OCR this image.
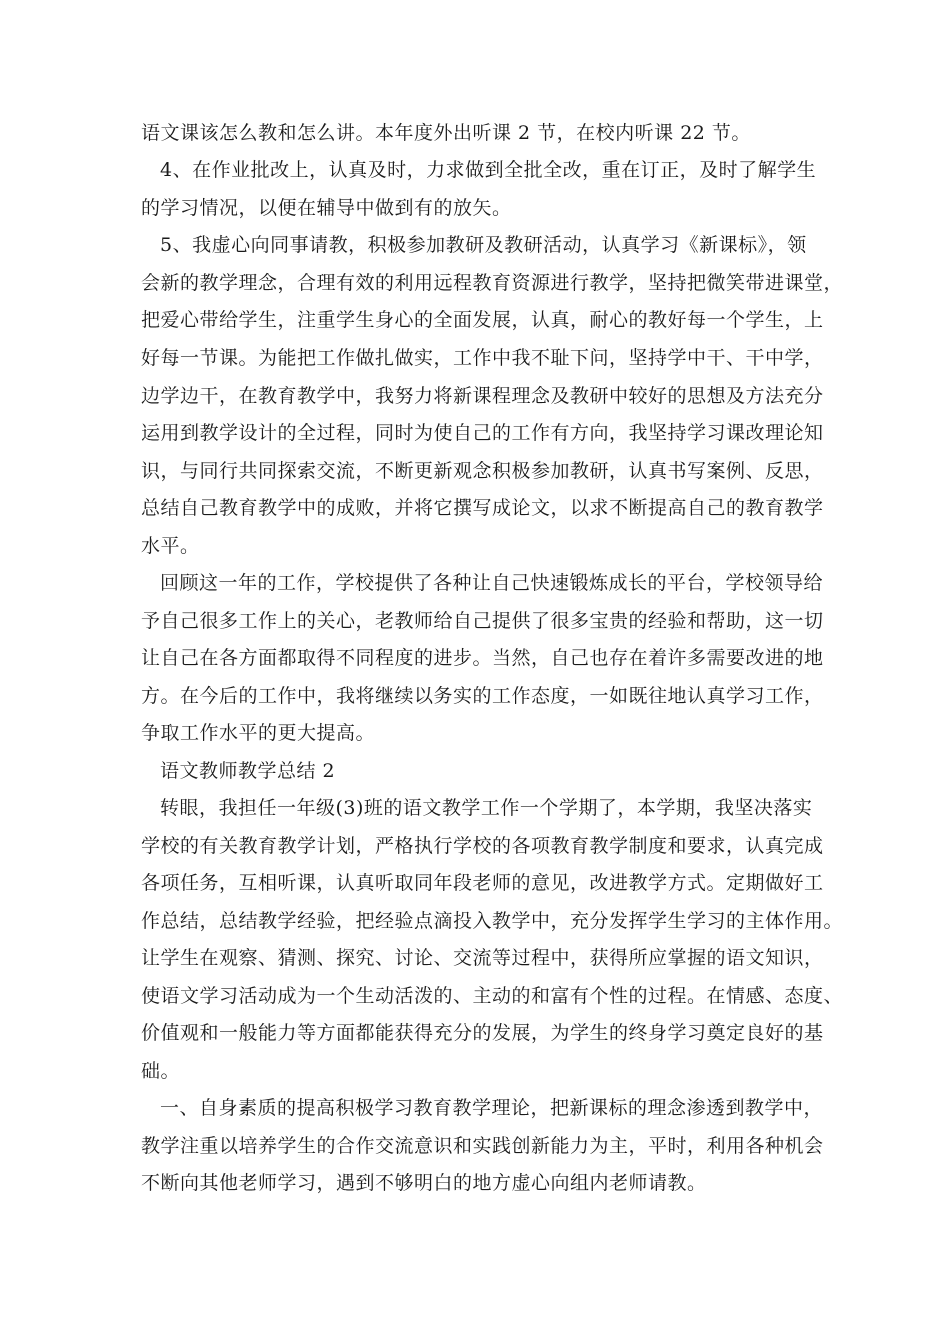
语文课该怎么教和怎么讲。本年度外出听课 2 节，在校内听课 22 节。
4、在作业批改上，认真及时，力求做到全批全改，重在订正，及时了解学生
的学习情况，以便在辅导中做到有的放矢。
5、我虚心向同事请教，积极参加教研及教研活动，认真学习《新课标》，领
会新的教学理念，合理有效的利用远程教育资源进行教学，坚持把微笑带进课堂，
把爱心带给学生，注重学生身心的全面发展，认真，耐心的教好每一个学生，上
好每一节课。为能把工作做扎做实，工作中我不耻下问，坚持学中干、干中学，
边学边干，在教育教学中，我努力将新课程理念及教研中较好的思想及方法充分
运用到教学设计的全过程，同时为使自己的工作有方向，我坚持学习课改理论知
识，与同行共同探索交流，不断更新观念积极参加教研，认真书写案例、反思，
总结自己教育教学中的成败，并将它撰写成论文，以求不断提高自己的教育教学
水平。
回顾这一年的工作，学校提供了各种让自己快速锻炼成长的平台，学校领导给
予自己很多工作上的关心，老教师给自己提供了很多宝贵的经验和帮助，这一切
让自己在各方面都取得不同程度的进步。当然，自己也存在着许多需要改进的地
方。在今后的工作中，我将继续以务实的工作态度，一如既往地认真学习工作，
争取工作水平的更大提高。
语文教师教学总结 2
转眼，我担任一年级(3)班的语文教学工作一个学期了，本学期，我坚决落实
学校的有关教育教学计划，严格执行学校的各项教育教学制度和要求，认真完成
各项任务，互相听课，认真听取同年段老师的意见，改进教学方式。定期做好工
作总结，总结教学经验，把经验点滴投入教学中，充分发挥学生学习的主体作用。
让学生在观察、猜测、探究、讨论、交流等过程中，获得所应掌握的语文知识，
使语文学习活动成为一个生动活泼的、主动的和富有个性的过程。在情感、态度、
价值观和一般能力等方面都能获得充分的发展，为学生的终身学习奠定良好的基
础。
一、自身素质的提高积极学习教育教学理论，把新课标的理念渗透到教学中，
教学注重以培养学生的合作交流意识和实践创新能力为主，平时，利用各种机会
不断向其他老师学习，遇到不够明白的地方虚心向组内老师请教。
